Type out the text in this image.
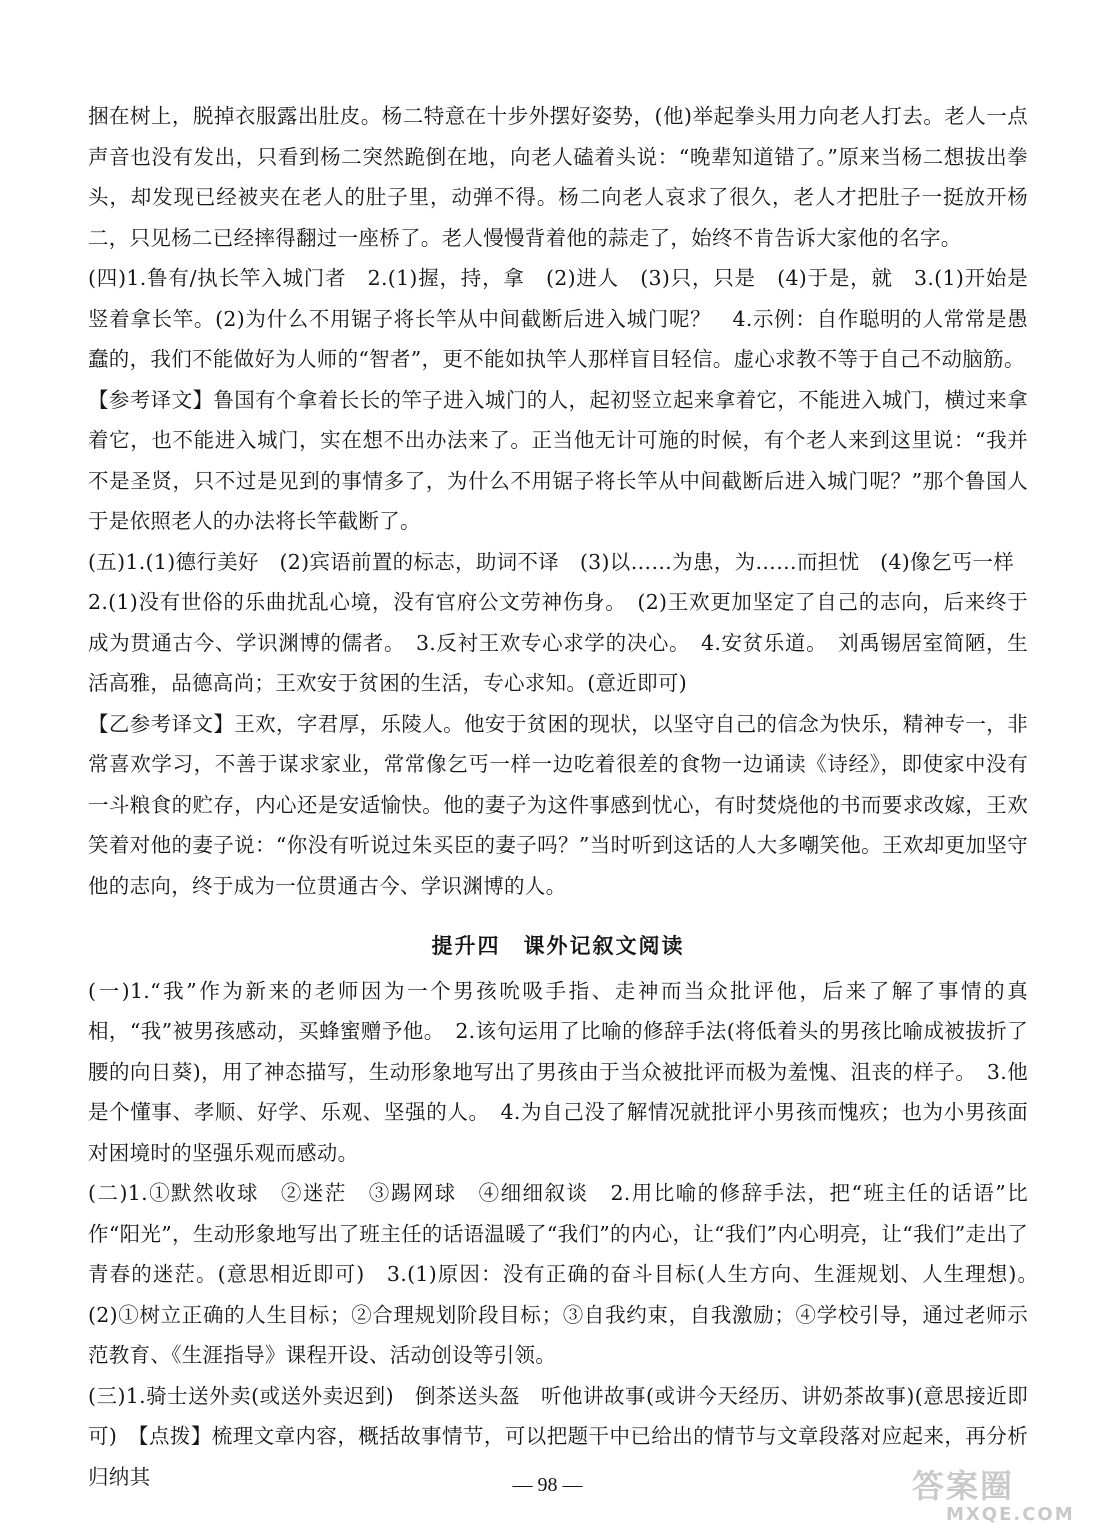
捆在树上，脱掉衣服露出肚皮。杨二特意在十步外摆好姿势，(他)举起拳头用力向老人打去。老人一点声音也没有发出，只看到杨二突然跪倒在地，向老人磕着头说：“晚辈知道错了。”原来当杨二想拔出拳头，却发现已经被夹在老人的肚子里，动弹不得。杨二向老人哀求了很久，老人才把肚子一挺放开杨二，只见杨二已经摔得翻过一座桥了。老人慢慢背着他的蒜走了，始终不肯告诉大家他的名字。

(四)1.鲁有/执长竿入城门者　2.(1)握，持，拿　(2)进人　(3)只，只是　(4)于是，就　3.(1)开始是竖着拿长竿。(2)为什么不用锯子将长竿从中间截断后进入城门呢？　4.示例：自作聪明的人常常是愚蠢的，我们不能做好为人师的“智者”，更不能如执竿人那样盲目轻信。虚心求教不等于自己不动脑筋。

【参考译文】鲁国有个拿着长长的竿子进入城门的人，起初竖立起来拿着它，不能进入城门，横过来拿着它，也不能进入城门，实在想不出办法来了。正当他无计可施的时候，有个老人来到这里说：“我并不是圣贤，只不过是见到的事情多了，为什么不用锯子将长竿从中间截断后进入城门呢？”那个鲁国人于是依照老人的办法将长竿截断了。

(五)1.(1)德行美好　(2)宾语前置的标志，助词不译　(3)以……为患，为……而担忧　(4)像乞丐一样

2.(1)没有世俗的乐曲扰乱心境，没有官府公文劳神伤身。　(2)王欢更加坚定了自己的志向，后来终于成为贯通古今、学识渊博的儒者。　3.反衬王欢专心求学的决心。　4.安贫乐道。　刘禹锡居室简陋，生活高雅，品德高尚；王欢安于贫困的生活，专心求知。(意近即可)

【乙参考译文】王欢，字君厚，乐陵人。他安于贫困的现状，以坚守自己的信念为快乐，精神专一，非常喜欢学习，不善于谋求家业，常常像乞丐一样一边吃着很差的食物一边诵读《诗经》，即使家中没有一斗粮食的贮存，内心还是安适愉快。他的妻子为这件事感到忧心，有时焚烧他的书而要求改嫁，王欢笑着对他的妻子说：“你没有听说过朱买臣的妻子吗？”当时听到这话的人大多嘲笑他。王欢却更加坚守他的志向，终于成为一位贯通古今、学识渊博的人。

提升四　课外记叙文阅读

(一)1.“我”作为新来的老师因为一个男孩吮吸手指、走神而当众批评他，后来了解了事情的真相，“我”被男孩感动，买蜂蜜赠予他。　2.该句运用了比喻的修辞手法(将低着头的男孩比喻成被拔折了腰的向日葵)，用了神态描写，生动形象地写出了男孩由于当众被批评而极为羞愧、沮丧的样子。　3.他是个懂事、孝顺、好学、乐观、坚强的人。　4.为自己没了解情况就批评小男孩而愧疚；也为小男孩面对困境时的坚强乐观而感动。

(二)1.①默然收球　②迷茫　③踢网球　④细细叙谈　2.用比喻的修辞手法，把“班主任的话语”比作“阳光”，生动形象地写出了班主任的话语温暖了“我们”的内心，让“我们”内心明亮，让“我们”走出了青春的迷茫。(意思相近即可)　3.(1)原因：没有正确的奋斗目标(人生方向、生涯规划、人生理想)。　(2)①树立正确的人生目标；②合理规划阶段目标；③自我约束，自我激励；④学校引导，通过老师示范教育、《生涯指导》课程开设、活动创设等引领。

(三)1.骑士送外卖(或送外卖迟到)　倒茶送头盔　听他讲故事(或讲今天经历、讲奶茶故事)(意思接近即可)　【点拨】梳理文章内容，概括故事情节，可以把题干中已给出的情节与文章段落对应起来，再分析归纳其	— 98 —	答案圈
MXQE.COM
